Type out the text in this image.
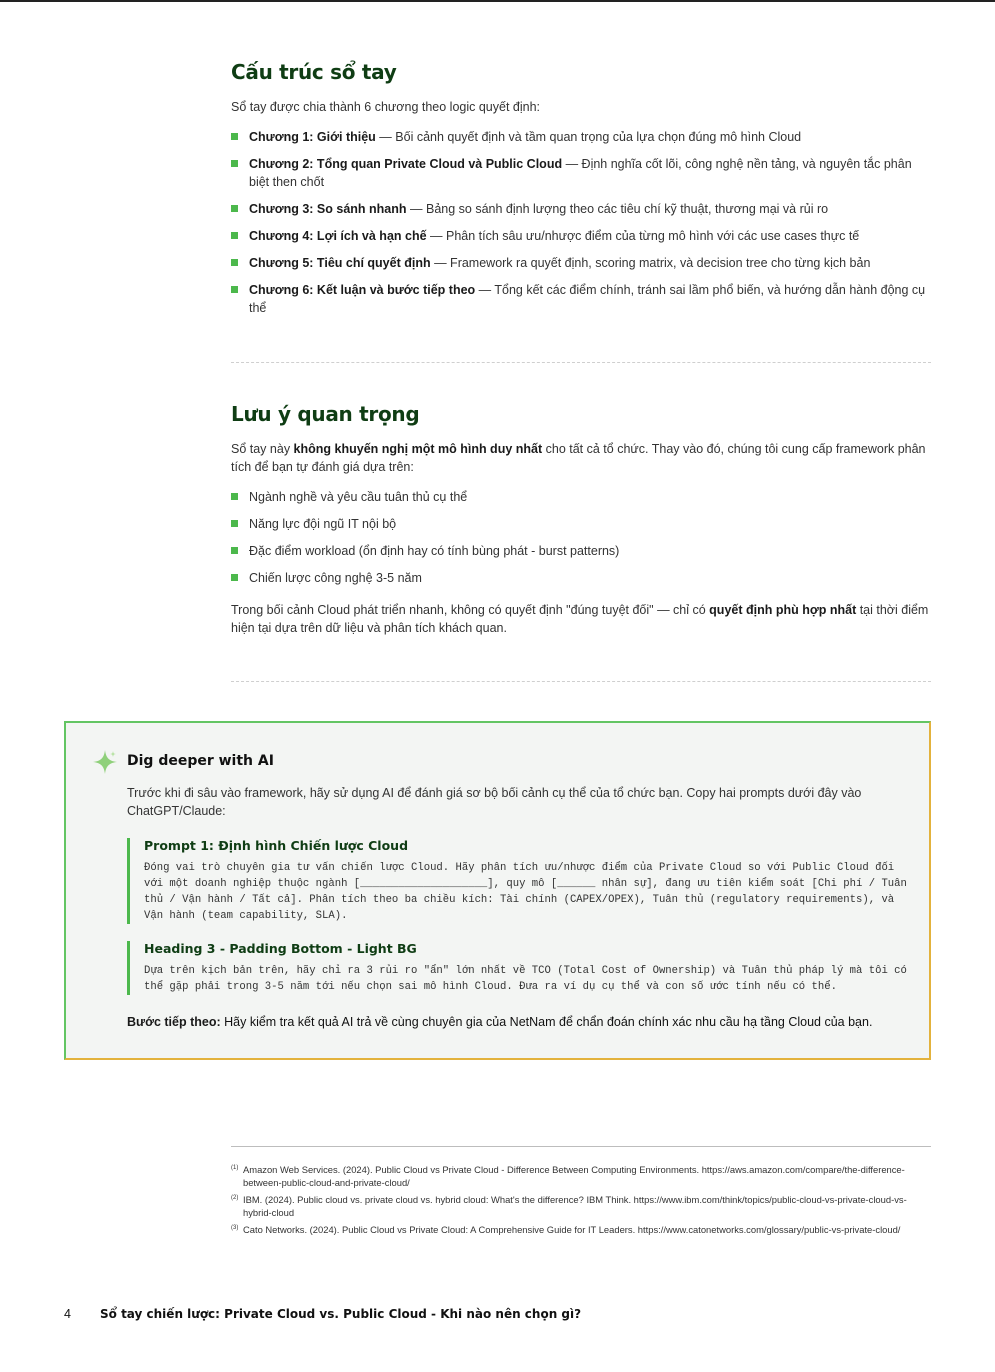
Cấu trúc sổ tay

Sổ tay được chia thành 6 chương theo logic quyết định:

Chương 1: Giới thiệu — Bối cảnh quyết định và tầm quan trọng của lựa chọn đúng mô hình Cloud
Chương 2: Tổng quan Private Cloud và Public Cloud — Định nghĩa cốt lõi, công nghệ nền tảng, và nguyên tắc phân biệt then chốt
Chương 3: So sánh nhanh — Bảng so sánh định lượng theo các tiêu chí kỹ thuật, thương mại và rủi ro
Chương 4: Lợi ích và hạn chế — Phân tích sâu ưu/nhược điểm của từng mô hình với các use cases thực tế
Chương 5: Tiêu chí quyết định — Framework ra quyết định, scoring matrix, và decision tree cho từng kịch bản
Chương 6: Kết luận và bước tiếp theo — Tổng kết các điểm chính, tránh sai lầm phổ biến, và hướng dẫn hành động cụ thể
Lưu ý quan trọng

Sổ tay này không khuyến nghị một mô hình duy nhất cho tất cả tổ chức. Thay vào đó, chúng tôi cung cấp framework phân tích để bạn tự đánh giá dựa trên:

Ngành nghề và yêu cầu tuân thủ cụ thể
Năng lực đội ngũ IT nội bộ
Đặc điểm workload (ổn định hay có tính bùng phát - burst patterns)
Chiến lược công nghệ 3-5 năm

Trong bối cảnh Cloud phát triển nhanh, không có quyết định "đúng tuyệt đối" — chỉ có quyết định phù hợp nhất tại thời điểm hiện tại dựa trên dữ liệu và phân tích khách quan.

Dig deeper with AI
Trước khi đi sâu vào framework, hãy sử dụng AI để đánh giá sơ bộ bối cảnh cụ thể của tổ chức bạn. Copy hai prompts dưới đây vào ChatGPT/Claude:
Prompt 1: Định hình Chiến lược Cloud
Đóng vai trò chuyên gia tư vấn chiến lược Cloud. Hãy phân tích ưu/nhược điểm của Private Cloud so với Public Cloud đối với một doanh nghiệp thuộc ngành [____________________], quy mô [______ nhân sự], đang ưu tiên kiểm soát [Chi phí / Tuân thủ / Vận hành / Tất cả]. Phân tích theo ba chiều kích: Tài chính (CAPEX/OPEX), Tuân thủ (regulatory requirements), và Vận hành (team capability, SLA).
Heading 3 - Padding Bottom - Light BG
Dựa trên kịch bản trên, hãy chỉ ra 3 rủi ro "ẩn" lớn nhất về TCO (Total Cost of Ownership) và Tuân thủ pháp lý mà tôi có thể gặp phải trong 3-5 năm tới nếu chọn sai mô hình Cloud. Đưa ra ví dụ cụ thể và con số ước tính nếu có thể.
Bước tiếp theo: Hãy kiểm tra kết quả AI trả về cùng chuyên gia của NetNam để chẩn đoán chính xác nhu cầu hạ tầng Cloud của bạn.
(1) Amazon Web Services. (2024). Public Cloud vs Private Cloud - Difference Between Computing Environments. https://aws.amazon.com/compare/the-difference-between-public-cloud-and-private-cloud/
(2) IBM. (2024). Public cloud vs. private cloud vs. hybrid cloud: What's the difference? IBM Think. https://www.ibm.com/think/topics/public-cloud-vs-private-cloud-vs-hybrid-cloud
(3) Cato Networks. (2024). Public Cloud vs Private Cloud: A Comprehensive Guide for IT Leaders. https://www.catonetworks.com/glossary/public-vs-private-cloud/
4 Sổ tay chiến lược: Private Cloud vs. Public Cloud - Khi nào nên chọn gì?
